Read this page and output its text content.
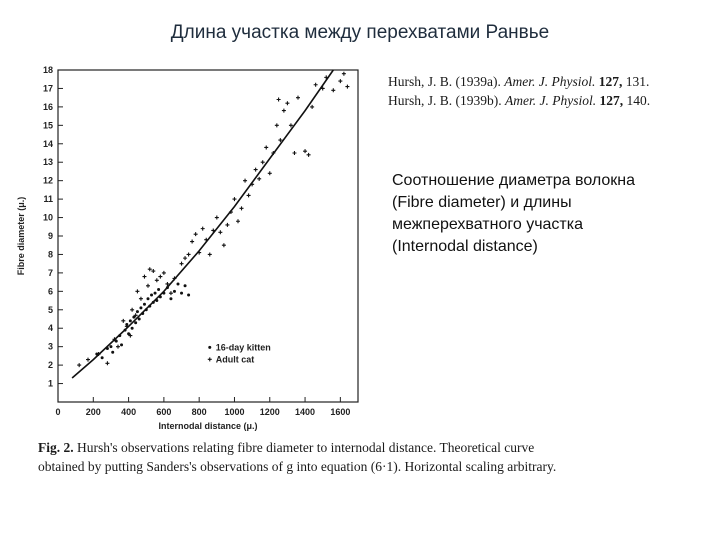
Длина участка между перехватами Ранвье
0	200 400 600 800 1000 1200 1400 1600
1
2
3
4
5
6
7
8
9
10
11
12
13
14
15
16
17
18
Internodal distance (μ.)
Fibre diameter (μ.)
16-day kitten
Adult cat
Hursh, J. B. (1939a). Amer. J. Physiol. 127, 131.
Hursh, J. B. (1939b). Amer. J. Physiol. 127, 140.
Соотношение диаметра волокна
(Fibre diameter) и длины
межперехватного участка
(Internodal distance)
Fig. 2. Hursh's observations relating fibre diameter to internodal distance. Theoretical curve
obtained by putting Sanders's observations of g into equation (6·1). Horizontal scaling arbitrary.
